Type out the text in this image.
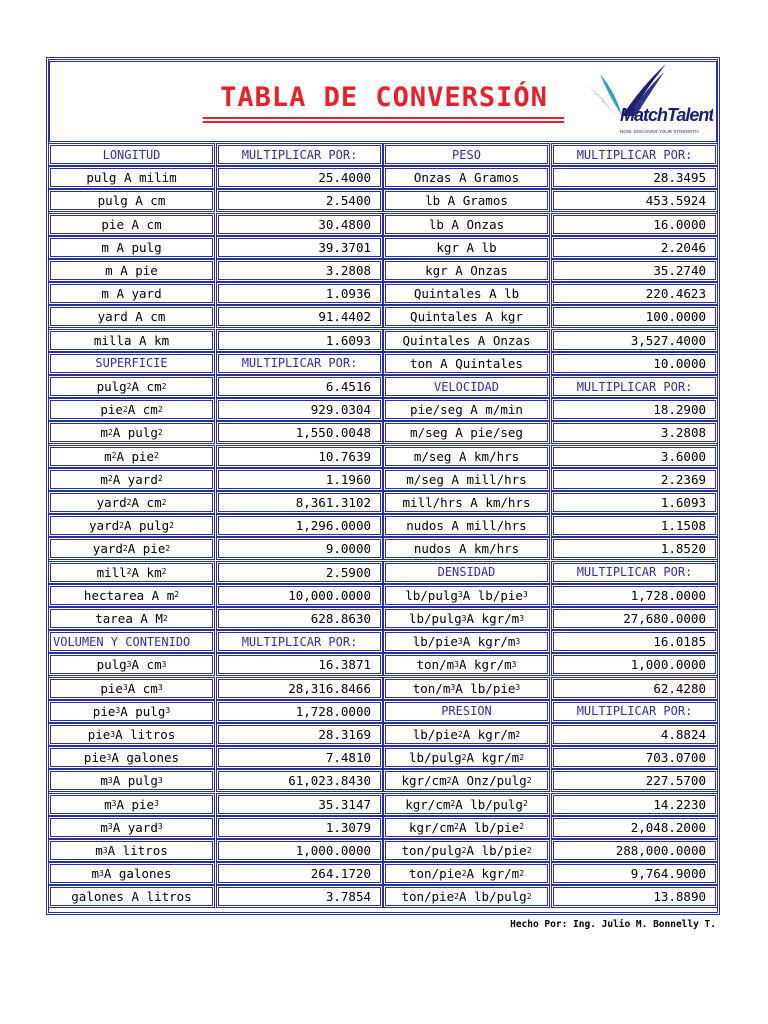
TABLA DE CONVERSIÓN
MatchTalent
NOW. DISCOVER YOUR STRENGTH
LONGITUD	MULTIPLICAR POR:
pulg A milim	25.4000
pulg A cm	2.5400
pie A cm	30.4800
m A pulg	39.3701
m A pie	3.2808
m A yard	1.0936
yard A cm	91.4402
milla A km	1.6093
SUPERFICIE	MULTIPLICAR POR:
pulg 2 A cm 2	6.4516
pie 2 A cm 2	929.0304
m 2 A pulg 2	1,550.0048
m 2 A pie 2	10.7639
m 2 A yard 2	1.1960
yard 2 A cm 2	8,361.3102
yard 2 A pulg 2	1,296.0000
yard 2 A pie 2	9.0000
mill 2 A km 2	2.5900
hectarea A m 2	10,000.0000
tarea A M 2	628.8630
VOLUMEN Y CONTENIDO	MULTIPLICAR POR:
pulg 3 A cm 3	16.3871
pie 3 A cm 3	28,316.8466
pie 3 A pulg 3	1,728.0000
pie 3 A litros	28.3169
pie 3 A galones	7.4810
m 3 A pulg 3	61,023.8430
m 3 A pie 3	35.3147
m 3 A yard 3	1.3079
m 3 A litros	1,000.0000
m 3 A galones	264.1720
galones A litros	3.7854
PESO	MULTIPLICAR POR:
Onzas A Gramos	28.3495
lb A Gramos	453.5924
lb A Onzas	16.0000
kgr A lb	2.2046
kgr A Onzas	35.2740
Quintales A lb	220.4623
Quintales A kgr	100.0000
Quintales A Onzas	3,527.4000
ton A Quintales	10.0000
VELOCIDAD	MULTIPLICAR POR:
pie/seg A m/min	18.2900
m/seg A pie/seg	3.2808
m/seg A km/hrs	3.6000
m/seg A mill/hrs	2.2369
mill/hrs A km/hrs	1.6093
nudos A mill/hrs	1.1508
nudos A km/hrs	1.8520
DENSIDAD	MULTIPLICAR POR:
lb/pulg 3 A lb/pie 3	1,728.0000
lb/pulg 3 A kgr/m 3	27,680.0000
lb/pie 3 A kgr/m 3	16.0185
ton/m 3 A kgr/m 3	1,000.0000
ton/m 3 A lb/pie 3	62.4280
PRESION	MULTIPLICAR POR:
lb/pie 2 A kgr/m 2	4.8824
lb/pulg 2 A kgr/m 2	703.0700
kgr/cm 2 A Onz/pulg 2	227.5700
kgr/cm 2 A lb/pulg 2	14.2230
kgr/cm 2 A lb/pie 2	2,048.2000
ton/pulg 2 A lb/pie 2	288,000.0000
ton/pie 2 A kgr/m 2	9,764.9000
ton/pie 2 A lb/pulg 2	13.8890
Hecho Por: Ing. Julio M. Bonnelly T.
